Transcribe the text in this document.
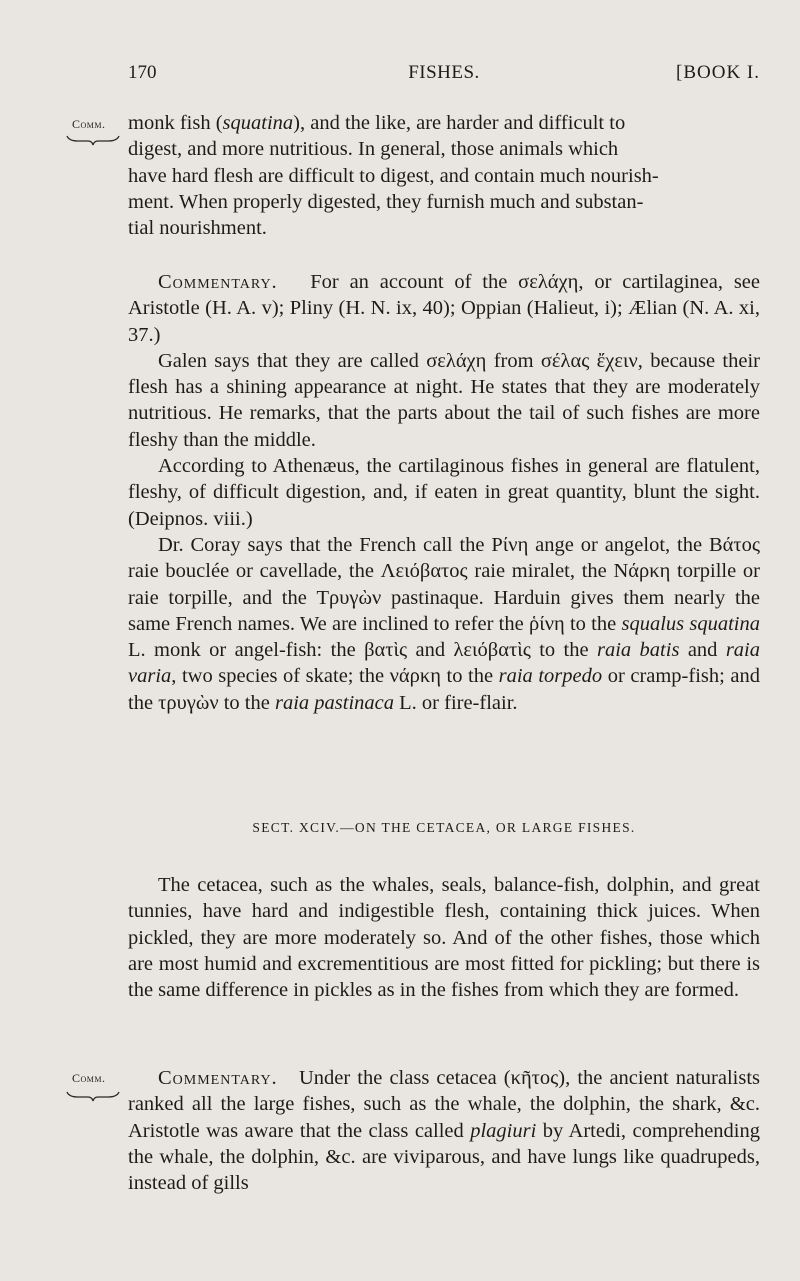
170	FISHES.	[BOOK I.
Comm. monk fish (squatina), and the like, are harder and difficult to
digest, and more nutritious. In general, those animals which
have hard flesh are difficult to digest, and contain much nourish-
ment. When properly digested, they furnish much and substan-
tial nourishment.
Commentary. For an account of the σελάχη, or cartilaginea, see Aristotle (H. A. v); Pliny (H. N. ix, 40); Oppian (Halieut, i); Ælian (N. A. xi, 37.)
Galen says that they are called σελάχη from σέλας ἔχειν, because their flesh has a shining appearance at night. He states that they are moderately nutritious. He remarks, that the parts about the tail of such fishes are more fleshy than the middle.
According to Athenæus, the cartilaginous fishes in general are flatulent, fleshy, of difficult digestion, and, if eaten in great quantity, blunt the sight. (Deipnos. viii.)
Dr. Coray says that the French call the Ρίνη ange or angelot, the Βάτος raie bouclée or cavellade, the Λειόβατος raie miralet, the Νάρκη torpille or raie torpille, and the Τρυγὼν pastinaque. Harduin gives them nearly the same French names. We are inclined to refer the ῥίνη to the squalus squatina L. monk or angel-fish: the βατὶς and λειόβατὶς to the raia batis and raia varia, two species of skate; the νάρκη to the raia torpedo or cramp-fish; and the τρυγὼν to the raia pastinaca L. or fire-flair.
SECT. XCIV.—ON THE CETACEA, OR LARGE FISHES.
The cetacea, such as the whales, seals, balance-fish, dolphin, and great tunnies, have hard and indigestible flesh, containing thick juices. When pickled, they are more moderately so. And of the other fishes, those which are most humid and excrementitious are most fitted for pickling; but there is the same difference in pickles as in the fishes from which they are formed.
Comm.	Commentary. Under the class cetacea (κῆτος), the ancient naturalists ranked all the large fishes, such as the whale, the dolphin, the shark, &c. Aristotle was aware that the class called plagiuri by Artedi, comprehending the whale, the dolphin, &c. are viviparous, and have lungs like quadrupeds, instead of gills
